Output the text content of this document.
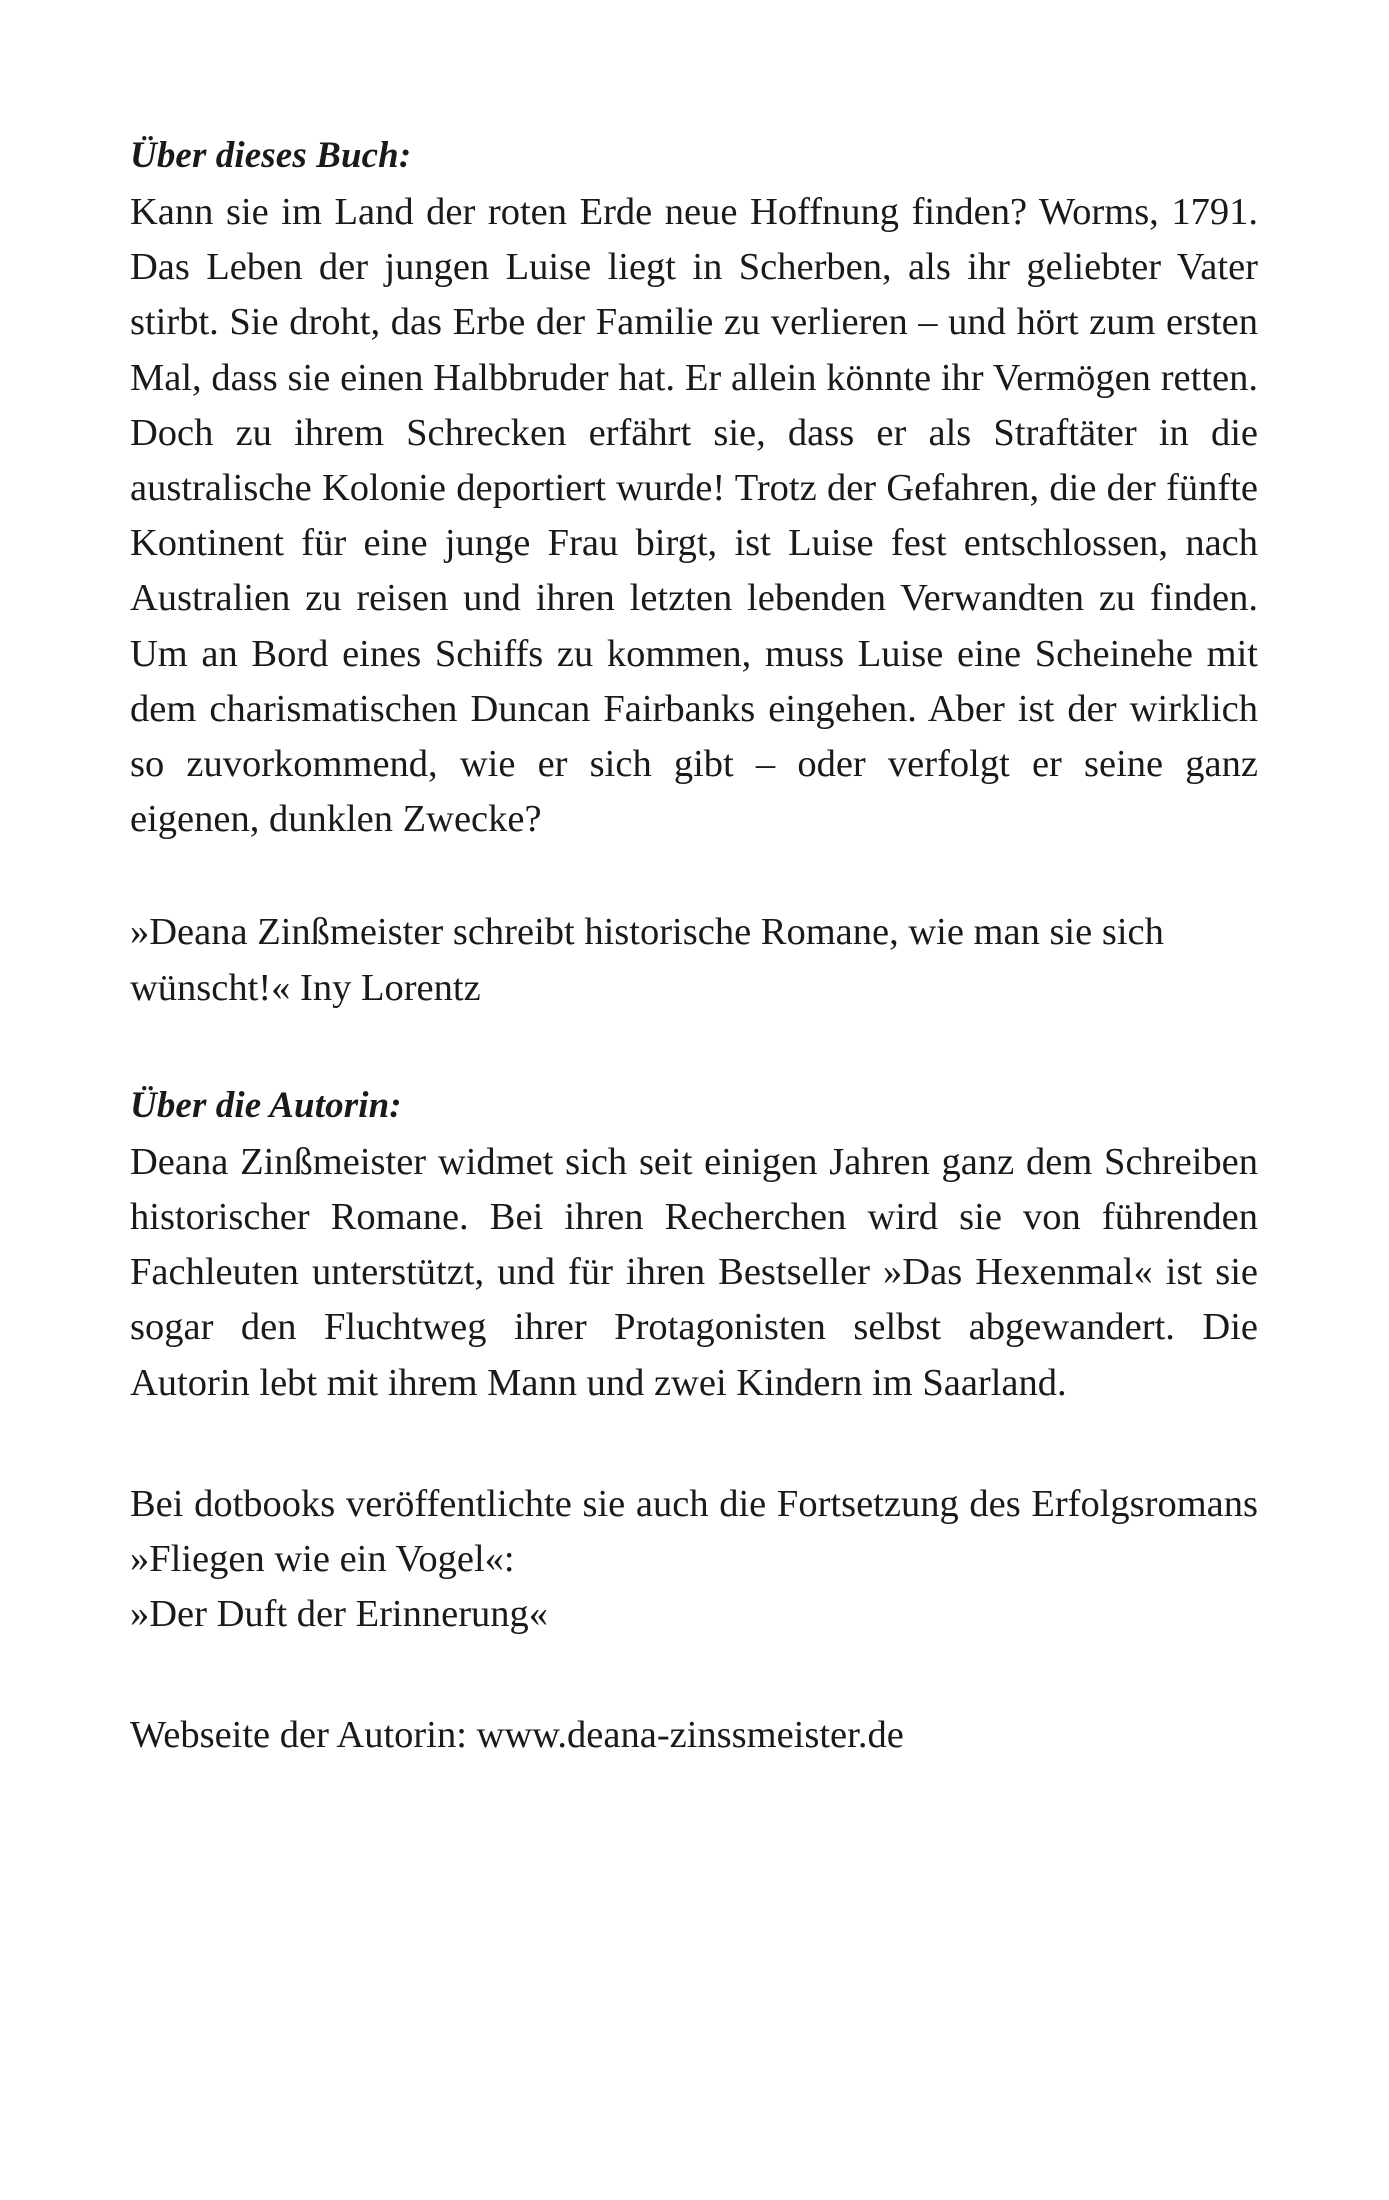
Über dieses Buch:

Kann sie im Land der roten Erde neue Hoffnung finden? Worms, 1791. Das Leben der jungen Luise liegt in Scherben, als ihr geliebter Vater stirbt. Sie droht, das Erbe der Familie zu verlieren – und hört zum ersten Mal, dass sie einen Halbbruder hat. Er allein könnte ihr Vermögen retten. Doch zu ihrem Schrecken erfährt sie, dass er als Straftäter in die australische Kolonie deportiert wurde! Trotz der Gefahren, die der fünfte Kontinent für eine junge Frau birgt, ist Luise fest entschlossen, nach Australien zu reisen und ihren letzten lebenden Verwandten zu finden. Um an Bord eines Schiffs zu kommen, muss Luise eine Scheinehe mit dem charismatischen Duncan Fairbanks eingehen. Aber ist der wirklich so zuvorkommend, wie er sich gibt – oder verfolgt er seine ganz eigenen, dunklen Zwecke?

»Deana Zinßmeister schreibt historische Romane, wie man sie sich wünscht!« Iny Lorentz

Über die Autorin:

Deana Zinßmeister widmet sich seit einigen Jahren ganz dem Schreiben historischer Romane. Bei ihren Recherchen wird sie von führenden Fachleuten unterstützt, und für ihren Bestseller »Das Hexenmal« ist sie sogar den Fluchtweg ihrer Protagonisten selbst abgewandert. Die Autorin lebt mit ihrem Mann und zwei Kindern im Saarland.

Bei dotbooks veröffentlichte sie auch die Fortsetzung des Erfolgsromans »Fliegen wie ein Vogel«:

»Der Duft der Erinnerung«

Webseite der Autorin: www.deana-zinssmeister.de
